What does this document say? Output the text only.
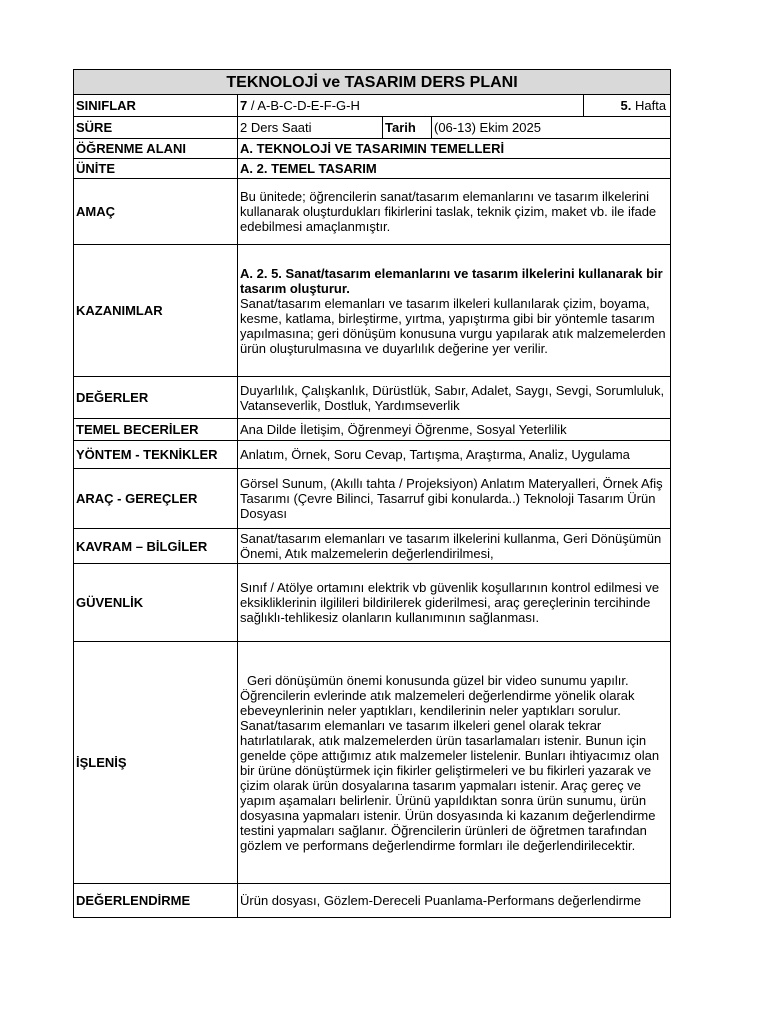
TEKNOLOJİ ve TASARIM DERS PLANI				
SINIFLAR	7 / A-B-C-D-E-F-G-H			5. Hafta
SÜRE	2 Ders Saati	Tarih	(06-13) Ekim 2025	
ÖĞRENME ALANI	A. TEKNOLOJİ VE TASARIMIN TEMELLERİ			
ÜNİTE	A. 2. TEMEL TASARIM			
AMAÇ	Bu ünitede; öğrencilerin sanat/tasarım elemanlarını ve tasarım ilkelerini kullanarak oluşturdukları fikirlerini taslak, teknik çizim, maket vb. ile ifade edebilmesi amaçlanmıştır.			
KAZANIMLAR	A. 2. 5. Sanat/tasarım elemanlarını ve tasarım ilkelerini kullanarak bir tasarım oluşturur.
Sanat/tasarım elemanları ve tasarım ilkeleri kullanılarak çizim, boyama, kesme, katlama, birleştirme, yırtma, yapıştırma gibi bir yöntemle tasarım yapılmasına; geri dönüşüm konusuna vurgu yapılarak atık malzemelerden ürün oluşturulmasına ve duyarlılık değerine yer verilir.			

DEĞERLER	Duyarlılık, Çalışkanlık, Dürüstlük, Sabır, Adalet, Saygı, Sevgi, Sorumluluk, Vatanseverlik, Dostluk, Yardımseverlik			
TEMEL BECERİLER	Ana Dilde İletişim, Öğrenmeyi Öğrenme, Sosyal Yeterlilik			
YÖNTEM - TEKNİKLER	Anlatım, Örnek, Soru Cevap, Tartışma, Araştırma, Analiz, Uygulama			
ARAÇ - GEREÇLER	Görsel Sunum, (Akıllı tahta / Projeksiyon) Anlatım Materyalleri, Örnek Afiş Tasarımı (Çevre Bilinci, Tasarruf gibi konularda..) Teknoloji Tasarım Ürün Dosyası			
KAVRAM – BİLGİLER	Sanat/tasarım elemanları ve tasarım ilkelerini kullanma, Geri Dönüşümün Önemi, Atık malzemelerin değerlendirilmesi,			
GÜVENLİK	Sınıf / Atölye ortamını elektrik vb güvenlik koşullarının kontrol edilmesi ve eksikliklerinin ilgilileri bildirilerek giderilmesi, araç gereçlerinin tercihinde sağlıklı-tehlikesiz olanların kullanımının sağlanması.			
İŞLENİŞ	Geri dönüşümün önemi konusunda güzel bir video sunumu yapılır. Öğrencilerin evlerinde atık malzemeleri değerlendirme yönelik olarak ebeveynlerinin neler yaptıkları, kendilerinin neler yaptıkları sorulur.
Sanat/tasarım elemanları ve tasarım ilkeleri genel olarak tekrar hatırlatılarak, atık malzemelerden ürün tasarlamaları istenir. Bunun için genelde çöpe attığımız atık malzemeler listelenir. Bunları ihtiyacımız olan bir ürüne dönüştürmek için fikirler geliştirmeleri ve bu fikirleri yazarak ve çizim olarak ürün dosyalarına tasarım yapmaları istenir. Araç gereç ve yapım aşamaları belirlenir. Ürünü yapıldıktan sonra ürün sunumu, ürün dosyasına yapmaları istenir. Ürün dosyasında ki kazanım değerlendirme testini yapmaları sağlanır. Öğrencilerin ürünleri de öğretmen tarafından gözlem ve performans değerlendirme formları ile değerlendirilecektir.			

DEĞERLENDİRME	Ürün dosyası, Gözlem-Dereceli Puanlama-Performans değerlendirme			
